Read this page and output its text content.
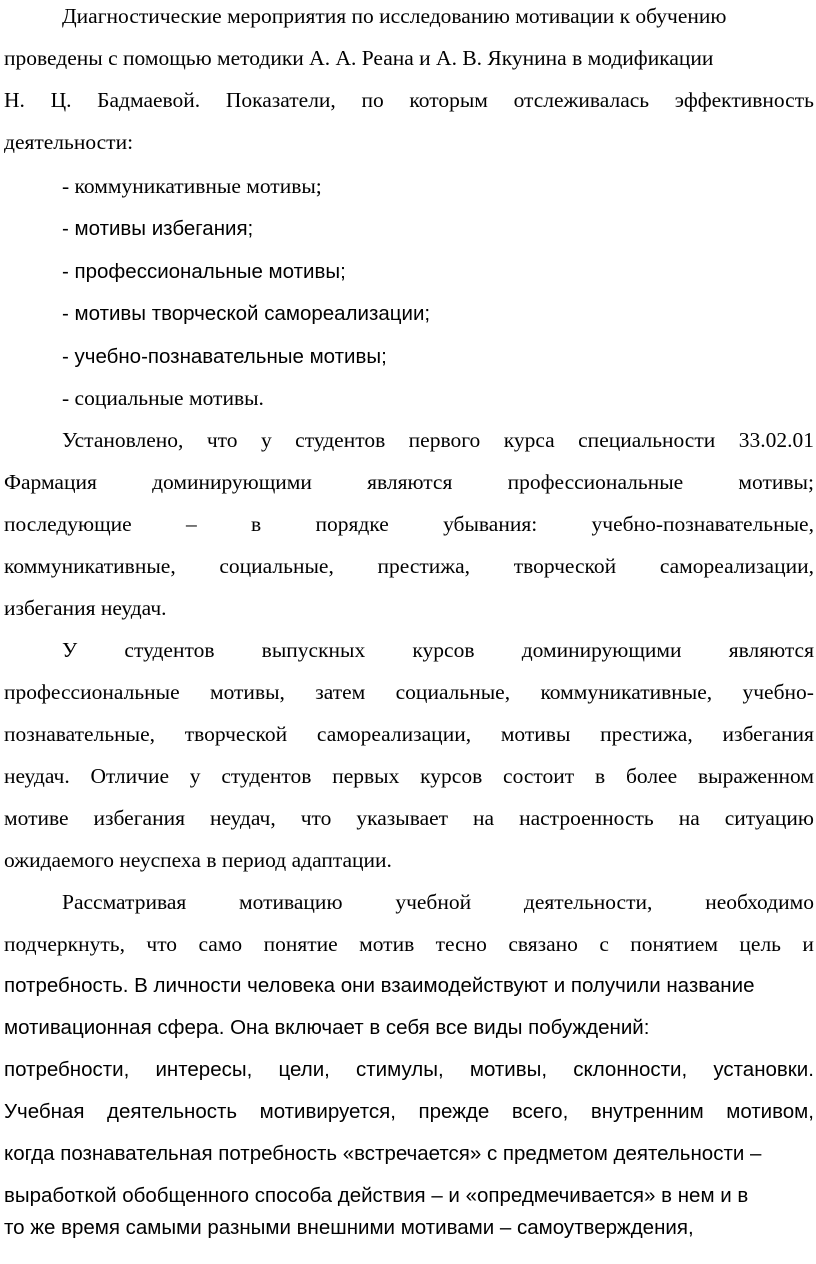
Диагностические мероприятия по исследованию мотивации к обучению
проведены с помощью методики А. А. Реана и А. В. Якунина в модификации
Н. Ц. Бадмаевой. Показатели, по которым отслеживалась эффективность
деятельности:
- коммуникативные мотивы;
- мотивы избегания;
- профессиональные мотивы;
- мотивы творческой самореализации;
- учебно-познавательные мотивы;
- социальные мотивы.
Установлено, что у студентов первого курса специальности 33.02.01
Фармация	доминирующими	являются	профессиональные	мотивы;
последующие	–	в	порядке	убывания:	учебно-познавательные,
коммуникативные, социальные, престижа, творческой самореализации,
избегания неудач.
У студентов выпускных курсов доминирующими являются
профессиональные мотивы, затем социальные, коммуникативные, учебно-
познавательные, творческой самореализации, мотивы престижа, избегания
неудач. Отличие у студентов первых курсов состоит в более выраженном
мотиве избегания неудач, что указывает на настроенность на ситуацию
ожидаемого неуспеха в период адаптации.
Рассматривая мотивацию учебной деятельности, необходимо
подчеркнуть, что само понятие мотив тесно связано с понятием цель и
потребность. В личности человека они взаимодействуют и получили название
мотивационная сфера. Она включает в себя все виды побуждений:
потребности, интересы, цели, стимулы, мотивы, склонности, установки.
Учебная деятельность мотивируется, прежде всего, внутренним мотивом,
когда познавательная потребность «встречается» с предметом деятельности –
выработкой обобщенного способа действия – и «опредмечивается» в нем и в
то же время самыми разными внешними мотивами – самоутверждения,
